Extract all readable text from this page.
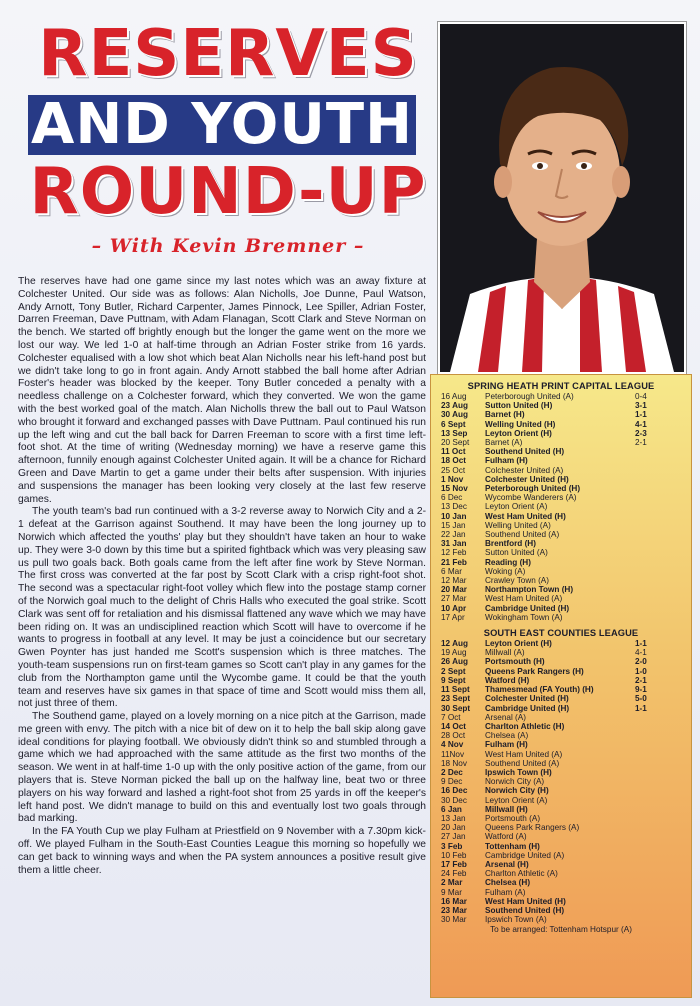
RESERVES
AND YOUTH
ROUND-UP
– With Kevin Bremner –

The reserves have had one game since my last notes which was an away fixture at Colchester United. Our side was as follows: Alan Nicholls, Joe Dunne, Paul Watson, Andy Arnott, Tony Butler, Richard Carpenter, James Pinnock, Lee Spiller, Adrian Foster, Darren Freeman, Dave Puttnam, with Adam Flanagan, Scott Clark and Steve Norman on the bench. We started off brightly enough but the longer the game went on the more we lost our way. We led 1-0 at half-time through an Adrian Foster strike from 16 yards. Colchester equalised with a low shot which beat Alan Nicholls near his left-hand post but we didn't take long to go in front again. Andy Arnott stabbed the ball home after Adrian Foster's header was blocked by the keeper. Tony Butler conceded a penalty with a needless challenge on a Colchester forward, which they converted. We won the game with the best worked goal of the match. Alan Nicholls threw the ball out to Paul Watson who brought it forward and exchanged passes with Dave Puttnam. Paul continued his run up the left wing and cut the ball back for Darren Freeman to score with a first time left-foot shot. At the time of writing (Wednesday morning) we have a reserve game this afternoon, funnily enough against Colchester United again. It will be a chance for Richard Green and Dave Martin to get a game under their belts after suspension. With injuries and suspensions the manager has been looking very closely at the last few reserve games.

The youth team's bad run continued with a 3-2 reverse away to Norwich City and a 2-1 defeat at the Garrison against Southend. It may have been the long journey up to Norwich which affected the youths' play but they shouldn't have taken an hour to wake up. They were 3-0 down by this time but a spirited fightback which was very pleasing saw us pull two goals back. Both goals came from the left after fine work by Steve Norman. The first cross was converted at the far post by Scott Clark with a crisp right-foot shot. The second was a spectacular right-foot volley which flew into the postage stamp corner of the Norwich goal much to the delight of Chris Halls who executed the goal strike. Scott Clark was sent off for retaliation and his dismissal flattened any wave which we may have been riding on. It was an undisciplined reaction which Scott will have to overcome if he wants to progress in football at any level. It may be just a coincidence but our secretary Gwen Poynter has just handed me Scott's suspension which is three matches. The youth-team suspensions run on first-team games so Scott can't play in any games for the club from the Northampton game until the Wycombe game. It could be that the youth team and reserves have six games in that space of time and Scott would miss them all, not just three of them.

The Southend game, played on a lovely morning on a nice pitch at the Garrison, made me green with envy. The pitch with a nice bit of dew on it to help the ball skip along gave ideal conditions for playing football. We obviously didn't think so and stumbled through a game which we had approached with the same attitude as the first two months of the season. We went in at half-time 1-0 up with the only positive action of the game, from our players that is. Steve Norman picked the ball up on the halfway line, beat two or three players on his way forward and lashed a right-foot shot from 25 yards in off the keeper's left hand post. We didn't manage to build on this and eventually lost two goals through bad marking.

In the FA Youth Cup we play Fulham at Priestfield on 9 November with a 7.30pm kick-off. We played Fulham in the South-East Counties League this morning so hopefully we can get back to winning ways and when the PA system announces a positive result give them a little cheer.

SPRING HEATH PRINT CAPITAL LEAGUE
16 Aug	Peterborough United (A)	0-4
23 Aug	Sutton United (H)	3-1
30 Aug	Barnet (H)	1-1
6 Sept	Welling United (H)	4-1
13 Sep	Leyton Orient (H)	2-3
20 Sept	Barnet (A)	2-1
11 Oct	Southend United (H)
18 Oct	Fulham (H)
25 Oct	Colchester United (A)
1 Nov	Colchester United (H)
15 Nov	Peterborough United (H)
6 Dec	Wycombe Wanderers (A)
13 Dec	Leyton Orient (A)
10 Jan	West Ham United (H)
15 Jan	Welling United (A)
22 Jan	Southend United (A)
31 Jan	Brentford (H)
12 Feb	Sutton United (A)
21 Feb	Reading (H)
6 Mar	Woking (A)
12 Mar	Crawley Town (A)
20 Mar	Northampton Town (H)
27 Mar	West Ham United (A)
10 Apr	Cambridge United (H)
17 Apr	Wokingham Town (A)
SOUTH EAST COUNTIES LEAGUE
12 Aug	Leyton Orient (H)	1-1
19 Aug	Millwall (A)	4-1
26 Aug	Portsmouth (H)	2-0
2 Sept	Queens Park Rangers (H)	1-0
9 Sept	Watford (H)	2-1
11 Sept	Thamesmead (FA Youth) (H)	9-1
23 Sept	Colchester United (H)	5-0
30 Sept	Cambridge United (H)	1-1
7 Oct	Arsenal (A)
14 Oct	Charlton Athletic (H)
28 Oct	Chelsea (A)
4 Nov	Fulham (H)
11Nov	West Ham United (A)
18 Nov	Southend United (A)
2 Dec	Ipswich Town (H)
9 Dec	Norwich City (A)
16 Dec	Norwich City (H)
30 Dec	Leyton Orient (A)
6 Jan	Millwall (H)
13 Jan	Portsmouth (A)
20 Jan	Queens Park Rangers (A)
27 Jan	Watford (A)
3 Feb	Tottenham (H)
10 Feb	Cambridge United (A)
17 Feb	Arsenal (H)
24 Feb	Charlton Athletic (A)
2 Mar	Chelsea (H)
9 Mar	Fulham (A)
16 Mar	West Ham United (H)
23 Mar	Southend United (H)
30 Mar	Ipswich Town (A)
To be arranged: Tottenham Hotspur (A)
